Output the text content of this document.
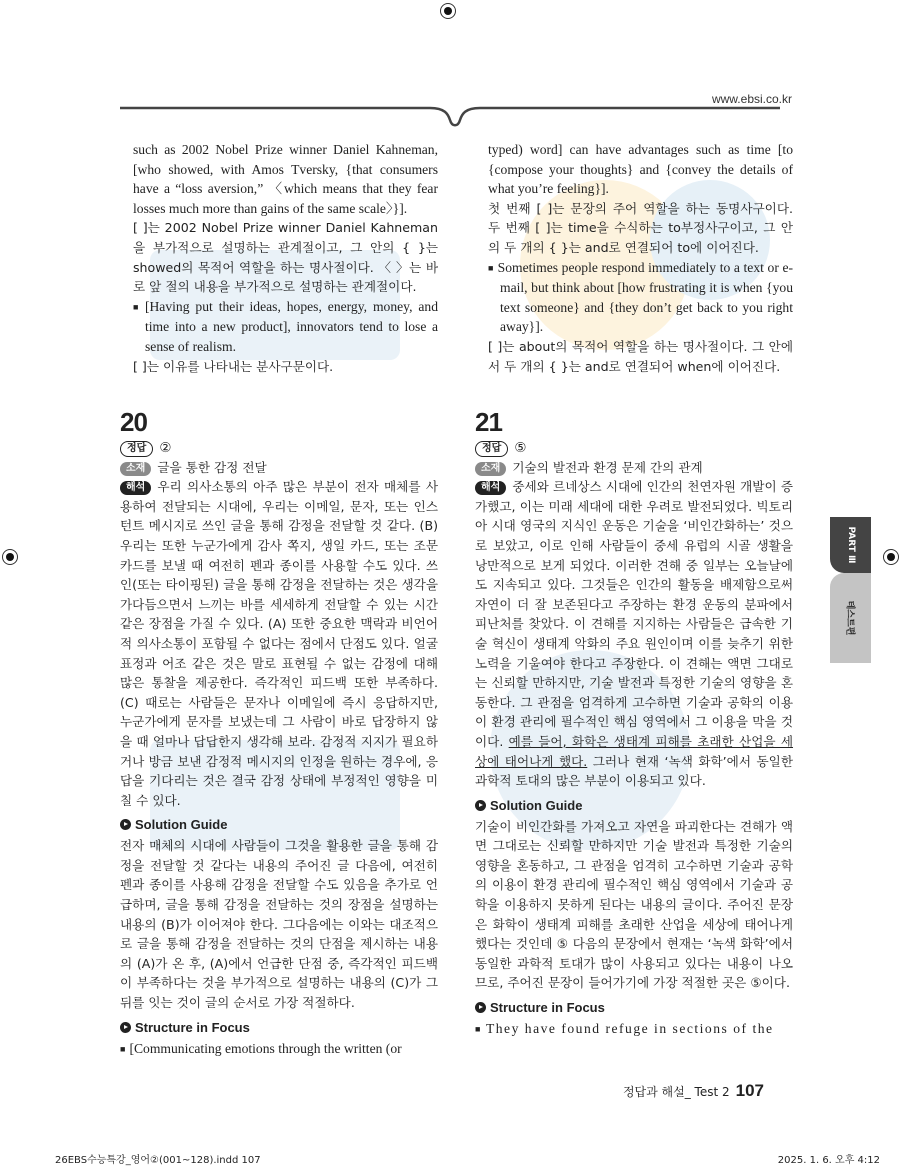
PART Ⅲ
테스트편
www.ebsi.co.kr

such as 2002 Nobel Prize winner Daniel Kahneman, [who showed, with Amos Tversky, {that consumers have a “loss aversion,” 〈which means that they fear losses much more than gains of the same scale〉}].

[ ]는 2002 Nobel Prize winner Daniel Kahneman을 부가적으로 설명하는 관계절이고, 그 안의 { }는 showed의 목적어 역할을 하는 명사절이다. 〈 〉는 바로 앞 절의 내용을 부가적으로 설명하는 관계절이다.

■ [Having put their ideas, hopes, energy, money, and time into a new product], innovators tend to lose a sense of realism.

[ ]는 이유를 나타내는 분사구문이다.

20

정답 ②

소재 글을 통한 감정 전달

해석 우리 의사소통의 아주 많은 부분이 전자 매체를 사용하여 전달되는 시대에, 우리는 이메일, 문자, 또는 인스턴트 메시지로 쓰인 글을 통해 감정을 전달할 것 같다. (B) 우리는 또한 누군가에게 감사 쪽지, 생일 카드, 또는 조문 카드를 보낼 때 여전히 펜과 종이를 사용할 수도 있다. 쓰인(또는 타이핑된) 글을 통해 감정을 전달하는 것은 생각을 가다듬으면서 느끼는 바를 세세하게 전달할 수 있는 시간 같은 장점을 가질 수 있다. (A) 또한 중요한 맥락과 비언어적 의사소통이 포함될 수 없다는 점에서 단점도 있다. 얼굴 표정과 어조 같은 것은 말로 표현될 수 없는 감정에 대해 많은 통찰을 제공한다. 즉각적인 피드백 또한 부족하다. (C) 때로는 사람들은 문자나 이메일에 즉시 응답하지만, 누군가에게 문자를 보냈는데 그 사람이 바로 답장하지 않을 때 얼마나 답답한지 생각해 보라. 감정적 지지가 필요하거나 방금 보낸 감정적 메시지의 인정을 원하는 경우에, 응답을 기다리는 것은 결국 감정 상태에 부정적인 영향을 미칠 수 있다.

Solution Guide

전자 매체의 시대에 사람들이 그것을 활용한 글을 통해 감정을 전달할 것 같다는 내용의 주어진 글 다음에, 여전히 펜과 종이를 사용해 감정을 전달할 수도 있음을 추가로 언급하며, 글을 통해 감정을 전달하는 것의 장점을 설명하는 내용의 (B)가 이어져야 한다. 그다음에는 이와는 대조적으로 글을 통해 감정을 전달하는 것의 단점을 제시하는 내용의 (A)가 온 후, (A)에서 언급한 단점 중, 즉각적인 피드백이 부족하다는 것을 부가적으로 설명하는 내용의 (C)가 그 뒤를 잇는 것이 글의 순서로 가장 적절하다.

Structure in Focus

■ [Communicating emotions through the written (or

typed) word] can have advantages such as time [to {compose your thoughts} and {convey the details of what you’re feeling}].

첫 번째 [ ]는 문장의 주어 역할을 하는 동명사구이다. 두 번째 [ ]는 time을 수식하는 to부정사구이고, 그 안의 두 개의 { }는 and로 연결되어 to에 이어진다.

■ Sometimes people respond immediately to a text or e-mail, but think about [how frustrating it is when {you text someone} and {they don’t get back to you right away}].

[ ]는 about의 목적어 역할을 하는 명사절이다. 그 안에서 두 개의 { }는 and로 연결되어 when에 이어진다.

21

정답 ⑤

소재 기술의 발전과 환경 문제 간의 관계

해석 중세와 르네상스 시대에 인간의 천연자원 개발이 증가했고, 이는 미래 세대에 대한 우려로 발전되었다. 빅토리아 시대 영국의 지식인 운동은 기술을 ‘비인간화하는’ 것으로 보았고, 이로 인해 사람들이 중세 유럽의 시골 생활을 낭만적으로 보게 되었다. 이러한 견해 중 일부는 오늘날에도 지속되고 있다. 그것들은 인간의 활동을 배제함으로써 자연이 더 잘 보존된다고 주장하는 환경 운동의 분파에서 피난처를 찾았다. 이 견해를 지지하는 사람들은 급속한 기술 혁신이 생태계 악화의 주요 원인이며 이를 늦추기 위한 노력을 기울여야 한다고 주장한다. 이 견해는 액면 그대로는 신뢰할 만하지만, 기술 발전과 특정한 기술의 영향을 혼동한다. 그 관점을 엄격하게 고수하면 기술과 공학의 이용이 환경 관리에 필수적인 핵심 영역에서 그 이용을 막을 것이다. 예를 들어, 화학은 생태계 피해를 초래한 산업을 세상에 태어나게 했다. 그러나 현재 ‘녹색 화학’에서 동일한 과학적 토대의 많은 부분이 이용되고 있다.

Solution Guide

기술이 비인간화를 가져오고 자연을 파괴한다는 견해가 액면 그대로는 신뢰할 만하지만 기술 발전과 특정한 기술의 영향을 혼동하고, 그 관점을 엄격히 고수하면 기술과 공학의 이용이 환경 관리에 필수적인 핵심 영역에서 기술과 공학을 이용하지 못하게 된다는 내용의 글이다. 주어진 문장은 화학이 생태계 피해를 초래한 산업을 세상에 태어나게 했다는 것인데 ⑤ 다음의 문장에서 현재는 ‘녹색 화학’에서 동일한 과학적 토대가 많이 사용되고 있다는 내용이 나오므로, 주어진 문장이 들어가기에 가장 적절한 곳은 ⑤이다.

Structure in Focus

■ They have found refuge in sections of the

정답과 해설_ Test 2 107
26EBS수능특강_영어②(001~128).indd 107	2025. 1. 6. 오후 4:12
